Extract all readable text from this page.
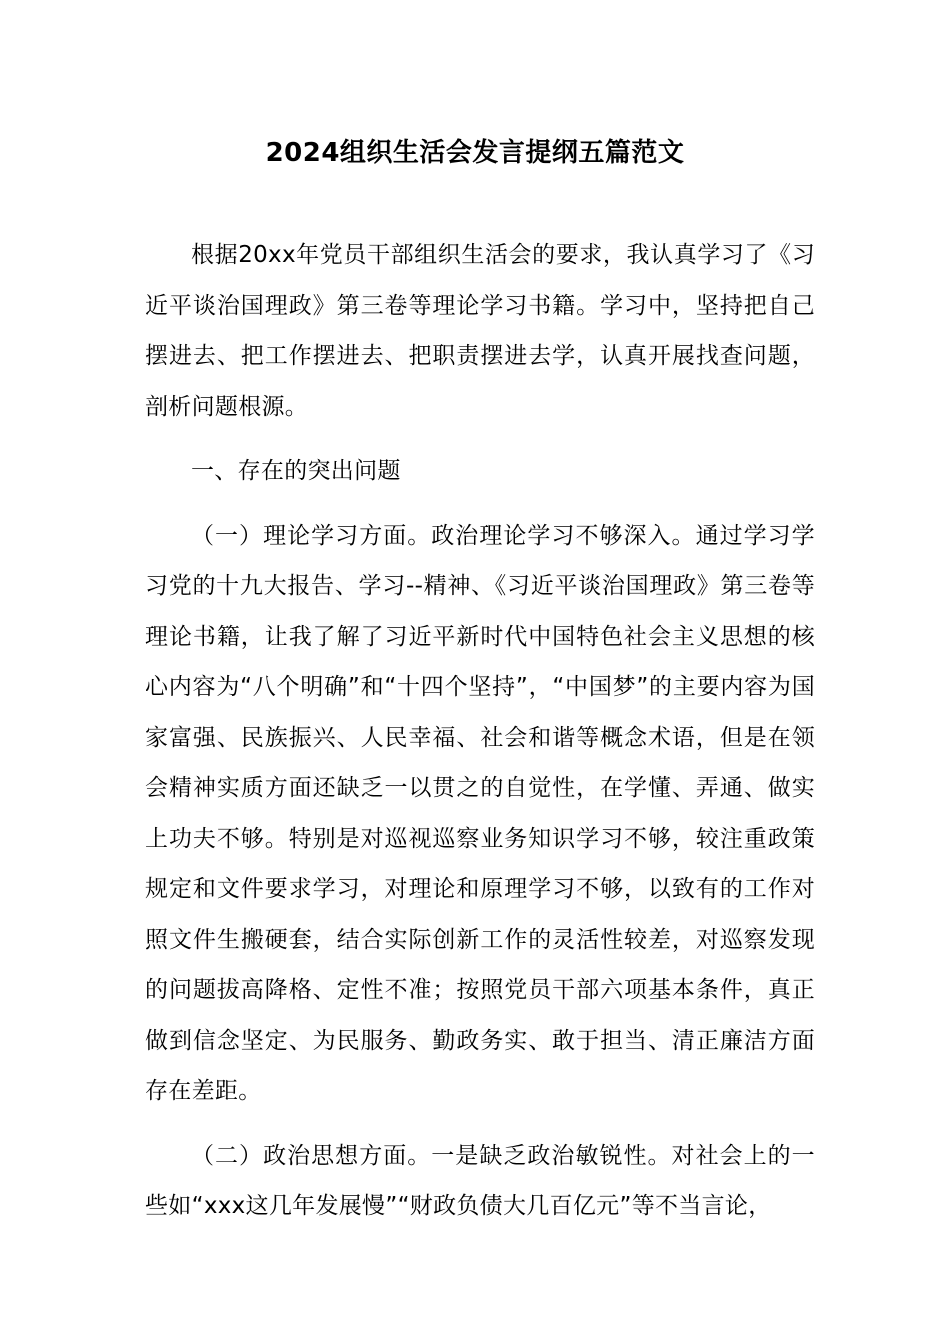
2024组织生活会发言提纲五篇范文

根据20xx年党员干部组织生活会的要求，我认真学习了《习近平谈治国理政》第三卷等理论学习书籍。学习中，坚持把自己摆进去、把工作摆进去、把职责摆进去学，认真开展找查问题，剖析问题根源。

一、存在的突出问题

（一）理论学习方面。政治理论学习不够深入。通过学习学习党的十九大报告、学习--精神、《习近平谈治国理政》第三卷等理论书籍，让我了解了习近平新时代中国特色社会主义思想的核心内容为“八个明确”和“十四个坚持”，“中国梦”的主要内容为国家富强、民族振兴、人民幸福、社会和谐等概念术语，但是在领会精神实质方面还缺乏一以贯之的自觉性，在学懂、弄通、做实上功夫不够。特别是对巡视巡察业务知识学习不够，较注重政策规定和文件要求学习，对理论和原理学习不够，以致有的工作对照文件生搬硬套，结合实际创新工作的灵活性较差，对巡察发现的问题拔高降格、定性不准；按照党员干部六项基本条件，真正做到信念坚定、为民服务、勤政务实、敢于担当、清正廉洁方面存在差距。

（二）政治思想方面。一是缺乏政治敏锐性。对社会上的一些如“xxx这几年发展慢”“财政负债大几百亿元”等不当言论，
